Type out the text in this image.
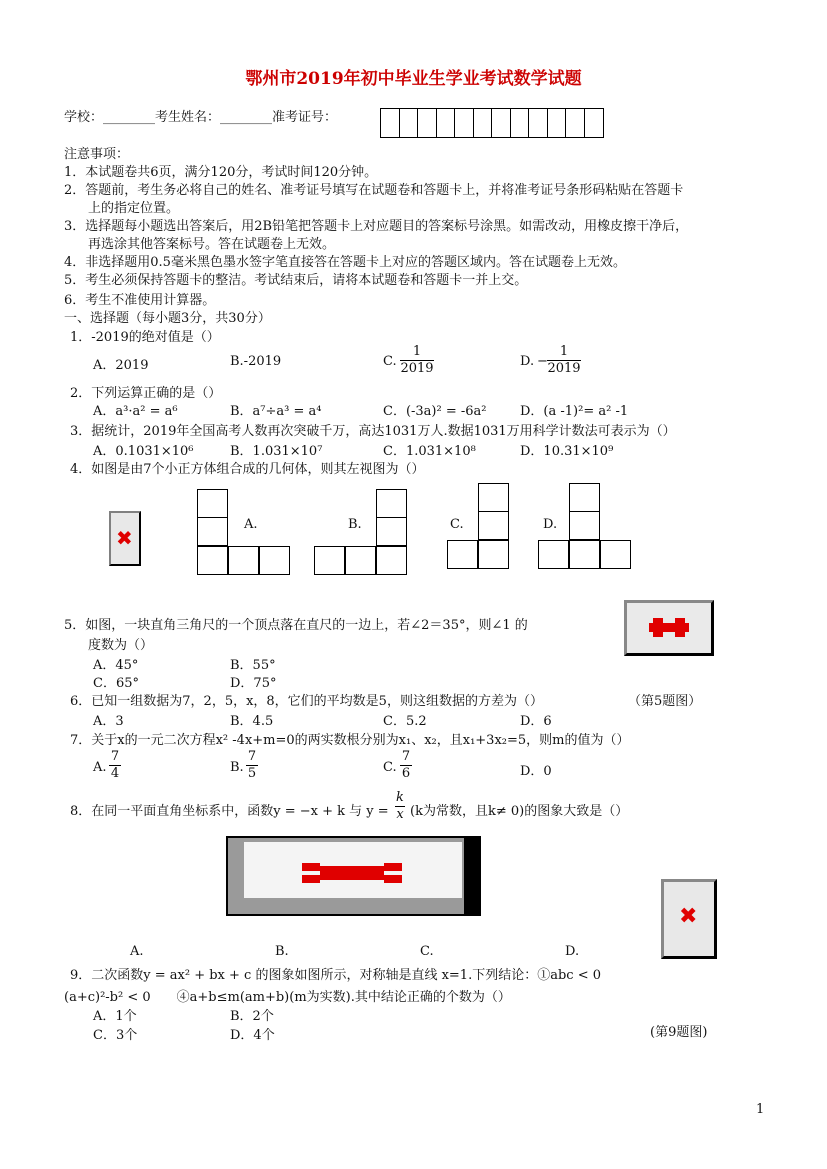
鄂州市2019年初中毕业生学业考试数学试题
学校：________考生姓名：________准考证号：
注意事项：
1．本试题卷共6页，满分120分，考试时间120分钟。
2．答题前，考生务必将自己的姓名、准考证号填写在试题卷和答题卡上，并将准考证号条形码粘贴在答题卡
上的指定位置。
3．选择题每小题选出答案后，用2B铅笔把答题卡上对应题目的答案标号涂黑。如需改动，用橡皮擦干净后，
再选涂其他答案标号。答在试题卷上无效。
4．非选择题用0.5毫米黑色墨水签字笔直接答在答题卡上对应的答题区域内。答在试题卷上无效。
5．考生必须保持答题卡的整洁。考试结束后，请将本试题卷和答题卡一并上交。
6．考生不准使用计算器。
一、选择题（每小题3分，共30分）
1．-2019的绝对值是（）
A．2019	B.-2019	C.
1
2019	D. −
1
2019
2．下列运算正确的是（）
A．a³·a² = a⁶	B．a⁷÷a³ = a⁴	C．(-3a)² = -6a²	D．(a -1)²= a² -1
3．据统计，2019年全国高考人数再次突破千万，高达1031万人.数据1031万用科学计数法可表示为（）
A．0.1031×10⁶	B．1.031×10⁷	C．1.031×10⁸	D．10.31×10⁹
4．如图是由7个小正方体组合成的几何体，则其左视图为（）
✖
A.	B.	C.	D.
5．如图，一块直角三角尺的一个顶点落在直尺的一边上，若∠2＝35°，则∠1 的
度数为（）
A．45°	B．55°
C．65°	D．75°
（第5题图）
6．已知一组数据为7，2，5，x，8，它们的平均数是5，则这组数据的方差为（）
A．3	B．4.5	C．5.2	D．6
7．关于x的一元二次方程x² -4x+m=0的两实数根分别为x₁、x₂，且x₁+3x₂=5，则m的值为（）
A.
7
4	B.
7
5	C.
7
6	D．0
8．在同一平面直角坐标系中，函数y = −x + k 与 y =
k
x (k为常数，且k≠ 0)的图象大致是（）
✖
A.	B.	C.	D.
9．二次函数y = ax² + bx + c 的图象如图所示，对称轴是直线 x=1.下列结论：①abc < 0
(a+c)²-b² < 0　　④a+b≤m(am+b)(m为实数).其中结论正确的个数为（）
A．1个	B．2个
C．3个	D．4个	(第9题图)
1
